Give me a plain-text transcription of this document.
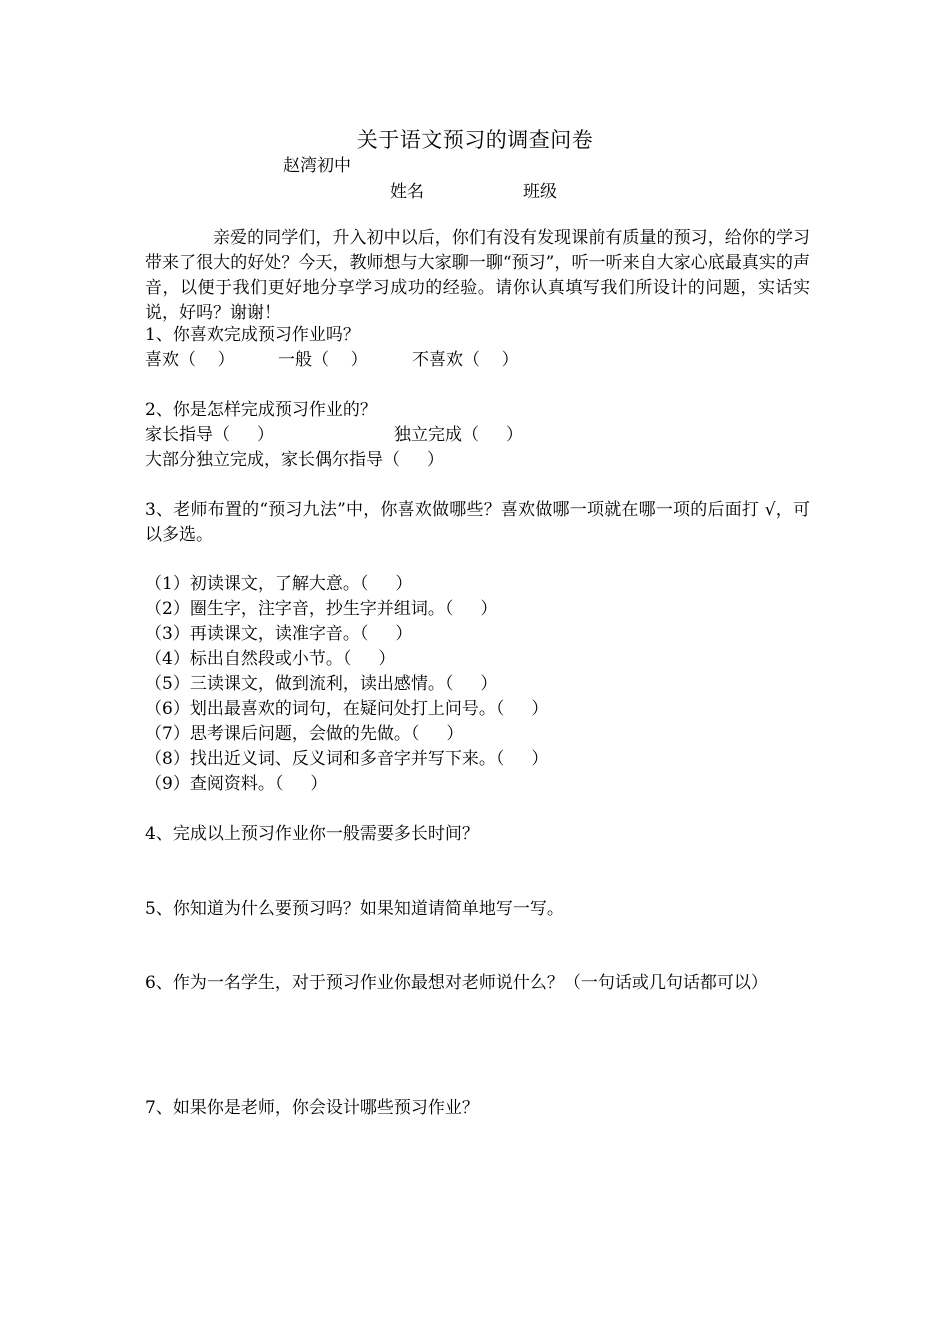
关于语文预习的调查问卷
赵湾初中
姓名	班级
亲爱的同学们，升入初中以后，你们有没有发现课前有质量的预习，给你的学习带来了很大的好处？今天，教师想与大家聊一聊“预习”，听一听来自大家心底最真实的声音，以便于我们更好地分享学习成功的经验。请你认真填写我们所设计的问题，实话实说，好吗？谢谢！
1、你喜欢完成预习作业吗？
喜欢（    ）	一般（    ）	不喜欢（    ）
2、你是怎样完成预习作业的？
家长指导（     ）	独立完成（     ）
大部分独立完成，家长偶尔指导（     ）
3、老师布置的“预习九法”中，你喜欢做哪些？喜欢做哪一项就在哪一项的后面打 √，可以多选。
（1）初读课文，了解大意。（     ）
（2）圈生字，注字音，抄生字并组词。（     ）
（3）再读课文，读准字音。（     ）
（4）标出自然段或小节。（     ）
（5）三读课文，做到流利，读出感情。（     ）
（6）划出最喜欢的词句，在疑问处打上问号。（     ）
（7）思考课后问题，会做的先做。（     ）
（8）找出近义词、反义词和多音字并写下来。（     ）
（9）查阅资料。（     ）
4、完成以上预习作业你一般需要多长时间？
5、你知道为什么要预习吗？如果知道请简单地写一写。
6、作为一名学生，对于预习作业你最想对老师说什么？（一句话或几句话都可以）
7、如果你是老师，你会设计哪些预习作业？
